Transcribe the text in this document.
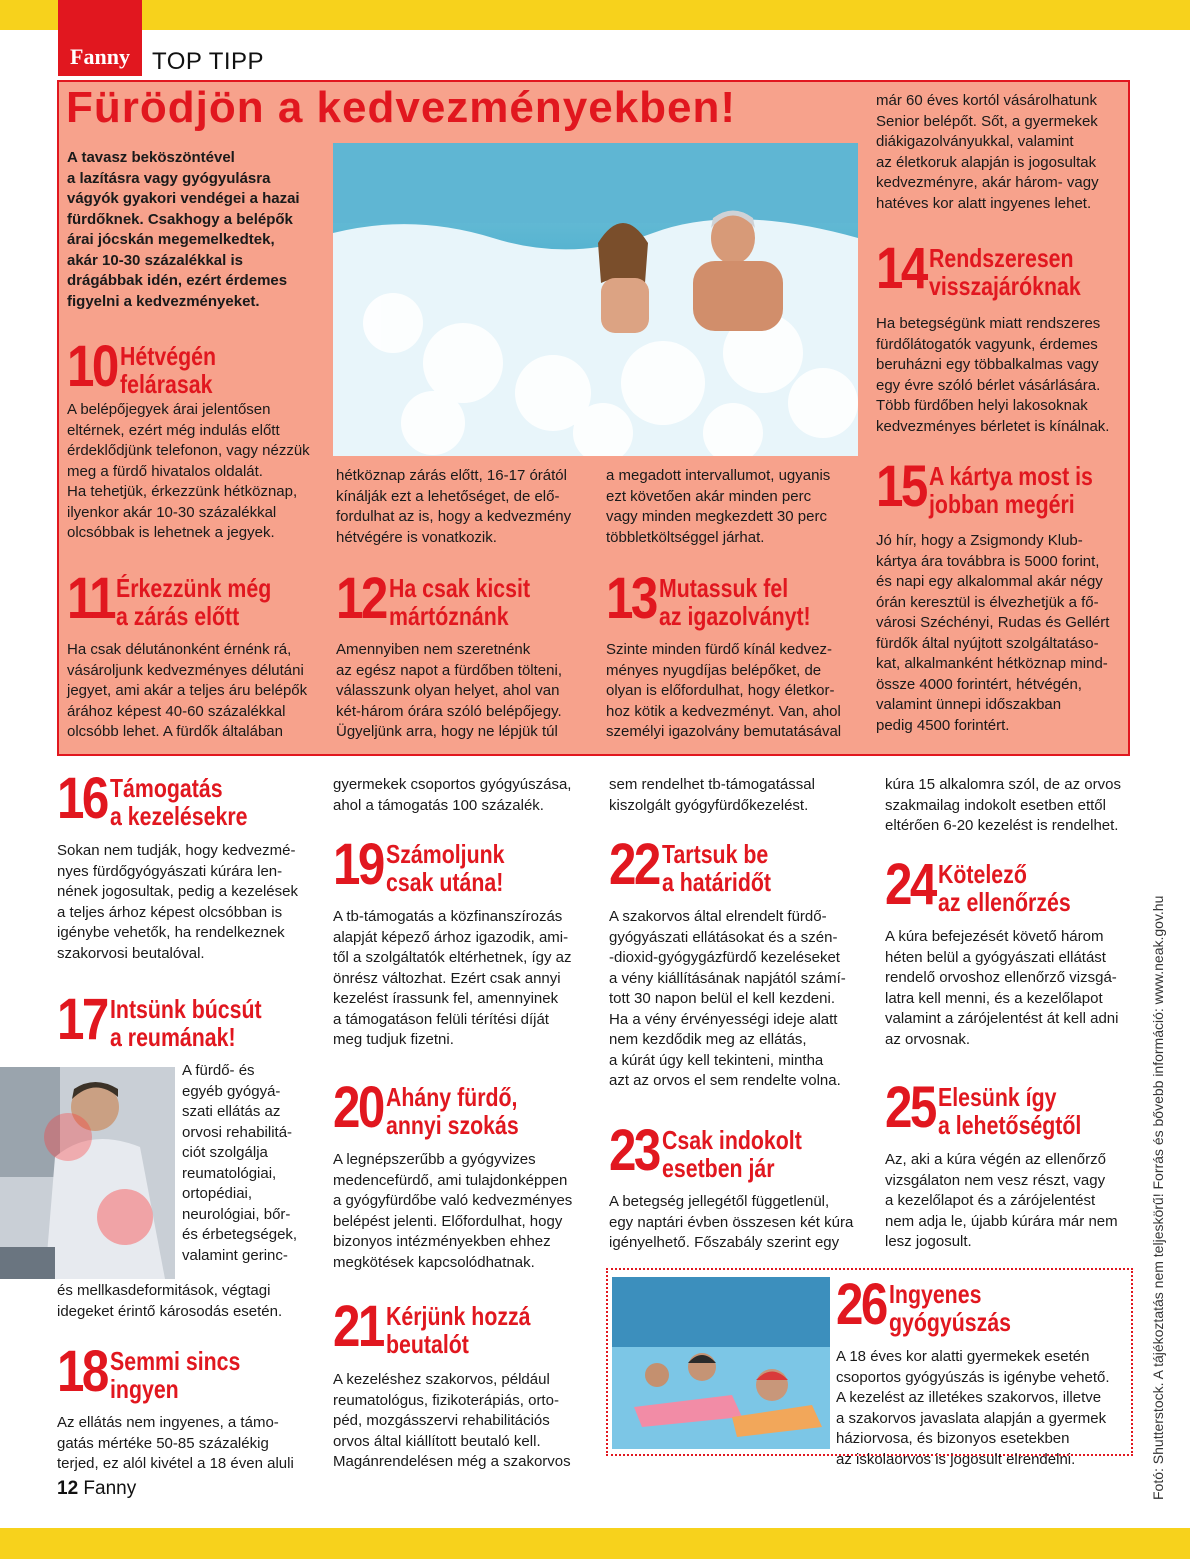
Fanny TOP TIPP
Fürödjön a kedvezményekben!
A tavasz beköszöntével
a lazításra vagy gyógyulásra
vágyók gyakori vendégei a hazai
fürdőknek. Csakhogy a belépők
árai jócskán megemelkedtek,
akár 10-30 százalékkal is
drágábbak idén, ezért érdemes
figyelni a kedvezményeket.
10 Hétvégén
felárasak
A belépőjegyek árai jelentősen
eltérnek, ezért még indulás előtt
érdeklődjünk telefonon, vagy nézzük
meg a fürdő hivatalos oldalát.
Ha tehetjük, érkezzünk hétköznap,
ilyenkor akár 10-30 százalékkal
olcsóbbak is lehetnek a jegyek.
hétköznap zárás előtt, 16-17 órától
kínálják ezt a lehetőséget, de elő-
fordulhat az is, hogy a kedvezmény
hétvégére is vonatkozik.
a megadott intervallumot, ugyanis
ezt követően akár minden perc
vagy minden megkezdett 30 perc
többletköltséggel járhat.
már 60 éves kortól vásárolhatunk
Senior belépőt. Sőt, a gyermekek
diákigazolványukkal, valamint
az életkoruk alapján is jogosultak
kedvezményre, akár három- vagy
hatéves kor alatt ingyenes lehet.
11 Érkezzünk még
a zárás előtt
Ha csak délutánonként érnénk rá,
vásároljunk kedvezményes délutáni
jegyet, ami akár a teljes áru belépők
árához képest 40-60 százalékkal
olcsóbb lehet. A fürdők általában
12 Ha csak kicsit
mártóznánk
Amennyiben nem szeretnénk
az egész napot a fürdőben tölteni,
válasszunk olyan helyet, ahol van
két-három órára szóló belépőjegy.
Ügyeljünk arra, hogy ne lépjük túl
13 Mutassuk fel
az igazolványt!
Szinte minden fürdő kínál kedvez-
ményes nyugdíjas belépőket, de
olyan is előfordulhat, hogy életkor-
hoz kötik a kedvezményt. Van, ahol
személyi igazolvány bemutatásával
14 Rendszeresen
visszajáróknak
Ha betegségünk miatt rendszeres
fürdőlátogatók vagyunk, érdemes
beruházni egy többalkalmas vagy
egy évre szóló bérlet vásárlására.
Több fürdőben helyi lakosoknak
kedvezményes bérletet is kínálnak.
15 A kártya most is
jobban megéri
Jó hír, hogy a Zsigmondy Klub-
kártya ára továbbra is 5000 forint,
és napi egy alkalommal akár négy
órán keresztül is élvezhetjük a fő-
városi Széchényi, Rudas és Gellért
fürdők által nyújtott szolgáltatáso-
kat, alkalmanként hétköznap mind-
össze 4000 forintért, hétvégén,
valamint ünnepi időszakban
pedig 4500 forintért.
16 Támogatás
a kezelésekre
Sokan nem tudják, hogy kedvezmé-
nyes fürdőgyógyászati kúrára len-
nének jogosultak, pedig a kezelések
a teljes árhoz képest olcsóbban is
igénybe vehetők, ha rendelkeznek
szakorvosi beutalóval.
17 Intsünk búcsút
a reumának!
A fürdő- és
egyéb gyógyá-
szati ellátás az
orvosi rehabilitá-
ciót szolgálja
reumatológiai,
ortopédiai,
neurológiai, bőr-
és érbetegségek,
valamint gerinc-
és mellkasdeformitások, végtagi
idegeket érintő károsodás esetén.
18 Semmi sincs
ingyen
Az ellátás nem ingyenes, a támo-
gatás mértéke 50-85 százalékig
terjed, ez alól kivétel a 18 éven aluli
gyermekek csoportos gyógyúszása,
ahol a támogatás 100 százalék.
19 Számoljunk
csak utána!
A tb-támogatás a közfinanszírozás
alapját képező árhoz igazodik, ami-
től a szolgáltatók eltérhetnek, így az
önrész változhat. Ezért csak annyi
kezelést írassunk fel, amennyinek
a támogatáson felüli térítési díját
meg tudjuk fizetni.
20 Ahány fürdő,
annyi szokás
A legnépszerűbb a gyógyvizes
medencefürdő, ami tulajdonképpen
a gyógyfürdőbe való kedvezményes
belépést jelenti. Előfordulhat, hogy
bizonyos intézményekben ehhez
megkötések kapcsolódhatnak.
21 Kérjünk hozzá
beutalót
A kezeléshez szakorvos, például
reumatológus, fizikoterápiás, orto-
péd, mozgásszervi rehabilitációs
orvos által kiállított beutaló kell.
Magánrendelésen még a szakorvos
sem rendelhet tb-támogatással
kiszolgált gyógyfürdőkezelést.
22 Tartsuk be
a határidőt
A szakorvos által elrendelt fürdő-
gyógyászati ellátásokat és a szén-
-dioxid-gyógygázfürdő kezeléseket
a vény kiállításának napjától számí-
tott 30 napon belül el kell kezdeni.
Ha a vény érvényességi ideje alatt
nem kezdődik meg az ellátás,
a kúrát úgy kell tekinteni, mintha
azt az orvos el sem rendelte volna.
23 Csak indokolt
esetben jár
A betegség jellegétől függetlenül,
egy naptári évben összesen két kúra
igényelhető. Főszabály szerint egy
kúra 15 alkalomra szól, de az orvos
szakmailag indokolt esetben ettől
eltérően 6-20 kezelést is rendelhet.
24 Kötelező
az ellenőrzés
A kúra befejezését követő három
héten belül a gyógyászati ellátást
rendelő orvoshoz ellenőrző vizsgá-
latra kell menni, és a kezelőlapot
valamint a zárójelentést át kell adni
az orvosnak.
25 Elesünk így
a lehetőségtől
Az, aki a kúra végén az ellenőrző
vizsgálaton nem vesz részt, vagy
a kezelőlapot és a zárójelentést
nem adja le, újabb kúrára már nem
lesz jogosult.
26 Ingyenes
gyógyúszás
A 18 éves kor alatti gyermekek esetén
csoportos gyógyúszás is igénybe vehető.
A kezelést az illetékes szakorvos, illetve
a szakorvos javaslata alapján a gyermek
háziorvosa, és bizonyos esetekben
az iskolaorvos is jogosult elrendelni.	Fotó: Shutterstock. A tájékoztatás nem teljeskörű! Forrás és bővebb információ: www.neak.gov.hu
12 Fanny
